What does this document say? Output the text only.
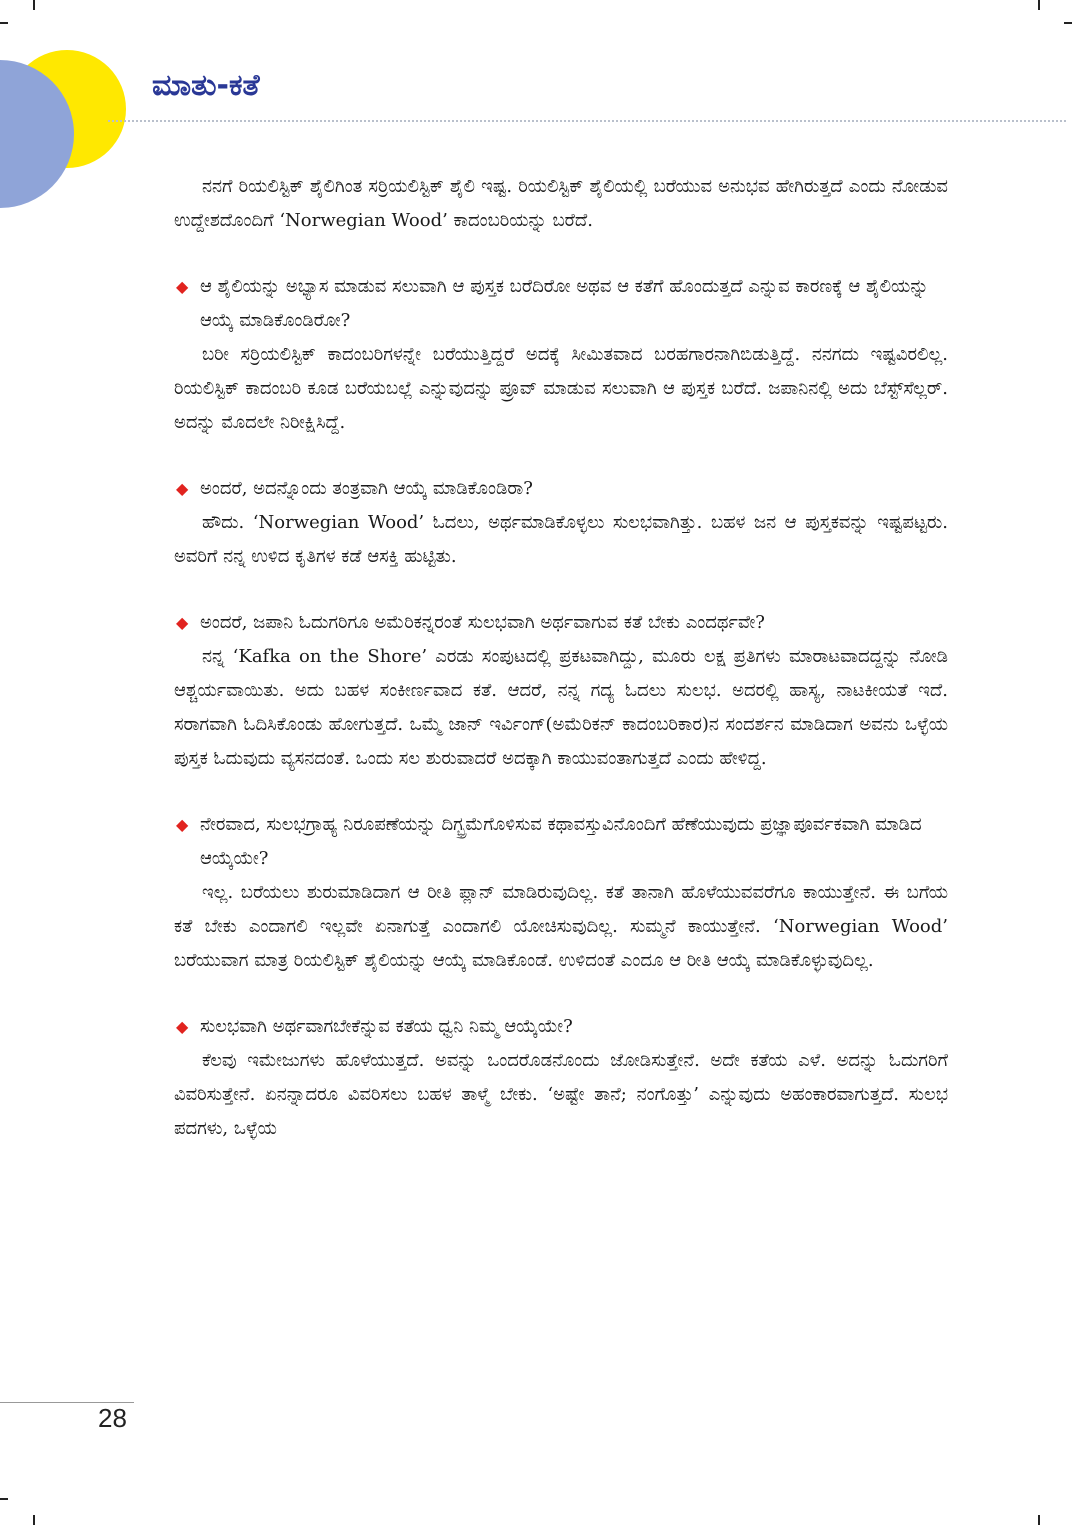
ಮಾತು-ಕತೆ

ನನಗೆ ರಿಯಲಿಸ್ಟಿಕ್ ಶೈಲಿಗಿಂತ ಸರ್‍ರಿಯಲಿಸ್ಟಿಕ್ ಶೈಲಿ ಇಷ್ಟ. ರಿಯಲಿಸ್ಟಿಕ್ ಶೈಲಿಯಲ್ಲಿ ಬರೆಯುವ ಅನುಭವ ಹೇಗಿರುತ್ತದೆ ಎಂದು ನೋಡುವ ಉದ್ದೇಶದೊಂದಿಗೆ ‘Norwegian Wood’ ಕಾದಂಬರಿಯನ್ನು ಬರೆದೆ.

◆ ಆ ಶೈಲಿಯನ್ನು ಅಭ್ಯಾಸ ಮಾಡುವ ಸಲುವಾಗಿ ಆ ಪುಸ್ತಕ ಬರೆದಿರೋ ಅಥವ ಆ ಕತೆಗೆ ಹೊಂದುತ್ತದೆ ಎನ್ನುವ ಕಾರಣಕ್ಕೆ ಆ ಶೈಲಿಯನ್ನು ಆಯ್ಕೆ ಮಾಡಿಕೊಂಡಿರೋ?

ಬರೀ ಸರ್‍ರಿಯಲಿಸ್ಟಿಕ್ ಕಾದಂಬರಿಗಳನ್ನೇ ಬರೆಯುತ್ತಿದ್ದರೆ ಅದಕ್ಕೆ ಸೀಮಿತವಾದ ಬರಹಗಾರನಾಗಿಬಿಡುತ್ತಿದ್ದೆ. ನನಗದು ಇಷ್ಟವಿರಲಿಲ್ಲ. ರಿಯಲಿಸ್ಟಿಕ್ ಕಾದಂಬರಿ ಕೂಡ ಬರೆಯಬಲ್ಲೆ ಎನ್ನುವುದನ್ನು ಪ್ರೂವ್ ಮಾಡುವ ಸಲುವಾಗಿ ಆ ಪುಸ್ತಕ ಬರೆದೆ. ಜಪಾನಿನಲ್ಲಿ ಅದು ಬೆಸ್ಟ್‌ಸೆಲ್ಲರ್. ಅದನ್ನು ಮೊದಲೇ ನಿರೀಕ್ಷಿಸಿದ್ದೆ.

◆ ಅಂದರೆ, ಅದನ್ನೊಂದು ತಂತ್ರವಾಗಿ ಆಯ್ಕೆ ಮಾಡಿಕೊಂಡಿರಾ?

ಹೌದು. ‘Norwegian Wood’ ಓದಲು, ಅರ್ಥಮಾಡಿಕೊಳ್ಳಲು ಸುಲಭವಾಗಿತ್ತು. ಬಹಳ ಜನ ಆ ಪುಸ್ತಕವನ್ನು ಇಷ್ಟಪಟ್ಟರು. ಅವರಿಗೆ ನನ್ನ ಉಳಿದ ಕೃತಿಗಳ ಕಡೆ ಆಸಕ್ತಿ ಹುಟ್ಟಿತು.

◆ ಅಂದರೆ, ಜಪಾನಿ ಓದುಗರಿಗೂ ಅಮೆರಿಕನ್ನರಂತೆ ಸುಲಭವಾಗಿ ಅರ್ಥವಾಗುವ ಕತೆ ಬೇಕು ಎಂದರ್ಥವೇ?

ನನ್ನ ‘Kafka on the Shore’ ಎರಡು ಸಂಪುಟದಲ್ಲಿ ಪ್ರಕಟವಾಗಿದ್ದು, ಮೂರು ಲಕ್ಷ ಪ್ರತಿಗಳು ಮಾರಾಟವಾದದ್ದನ್ನು ನೋಡಿ ಆಶ್ಚರ್ಯವಾಯಿತು. ಅದು ಬಹಳ ಸಂಕೀರ್ಣವಾದ ಕತೆ. ಆದರೆ, ನನ್ನ ಗದ್ಯ ಓದಲು ಸುಲಭ. ಅದರಲ್ಲಿ ಹಾಸ್ಯ, ನಾಟಕೀಯತೆ ಇದೆ. ಸರಾಗವಾಗಿ ಓದಿಸಿಕೊಂಡು ಹೋಗುತ್ತದೆ. ಒಮ್ಮೆ ಜಾನ್ ಇರ್ವಿಂಗ್(ಅಮೆರಿಕನ್ ಕಾದಂಬರಿಕಾರ)ನ ಸಂದರ್ಶನ ಮಾಡಿದಾಗ ಅವನು ಒಳ್ಳೆಯ ಪುಸ್ತಕ ಓದುವುದು ವ್ಯಸನದಂತೆ. ಒಂದು ಸಲ ಶುರುವಾದರೆ ಅದಕ್ಕಾಗಿ ಕಾಯುವಂತಾಗುತ್ತದೆ ಎಂದು ಹೇಳಿದ್ದ.

◆ ನೇರವಾದ, ಸುಲಭಗ್ರಾಹ್ಯ ನಿರೂಪಣೆಯನ್ನು ದಿಗ್ಭ್ರಮೆಗೊಳಿಸುವ ಕಥಾವಸ್ತುವಿನೊಂದಿಗೆ ಹೆಣೆಯುವುದು ಪ್ರಜ್ಞಾಪೂರ್ವಕವಾಗಿ ಮಾಡಿದ ಆಯ್ಕೆಯೇ?

ಇಲ್ಲ. ಬರೆಯಲು ಶುರುಮಾಡಿದಾಗ ಆ ರೀತಿ ಪ್ಲಾನ್ ಮಾಡಿರುವುದಿಲ್ಲ. ಕತೆ ತಾನಾಗಿ ಹೊಳೆಯುವವರೆಗೂ ಕಾಯುತ್ತೇನೆ. ಈ ಬಗೆಯ ಕತೆ ಬೇಕು ಎಂದಾಗಲಿ ಇಲ್ಲವೇ ಏನಾಗುತ್ತೆ ಎಂದಾಗಲಿ ಯೋಚಿಸುವುದಿಲ್ಲ. ಸುಮ್ಮನೆ ಕಾಯುತ್ತೇನೆ. ‘Norwegian Wood’ ಬರೆಯುವಾಗ ಮಾತ್ರ ರಿಯಲಿಸ್ಟಿಕ್ ಶೈಲಿಯನ್ನು ಆಯ್ಕೆ ಮಾಡಿಕೊಂಡೆ. ಉಳಿದಂತೆ ಎಂದೂ ಆ ರೀತಿ ಆಯ್ಕೆ ಮಾಡಿಕೊಳ್ಳುವುದಿಲ್ಲ.

◆ ಸುಲಭವಾಗಿ ಅರ್ಥವಾಗಬೇಕೆನ್ನುವ ಕತೆಯ ಧ್ವನಿ ನಿಮ್ಮ ಆಯ್ಕೆಯೇ?

ಕೆಲವು ಇಮೇಜುಗಳು ಹೊಳೆಯುತ್ತದೆ. ಅವನ್ನು ಒಂದರೊಡನೊಂದು ಜೋಡಿಸುತ್ತೇನೆ. ಅದೇ ಕತೆಯ ಎಳೆ. ಅದನ್ನು ಓದುಗರಿಗೆ ವಿವರಿಸುತ್ತೇನೆ. ಏನನ್ನಾದರೂ ವಿವರಿಸಲು ಬಹಳ ತಾಳ್ಮೆ ಬೇಕು. ‘ಅಷ್ಟೇ ತಾನೆ; ನಂಗೊತ್ತು’ ಎನ್ನುವುದು ಅಹಂಕಾರವಾಗುತ್ತದೆ. ಸುಲಭ ಪದಗಳು, ಒಳ್ಳೆಯ

28
